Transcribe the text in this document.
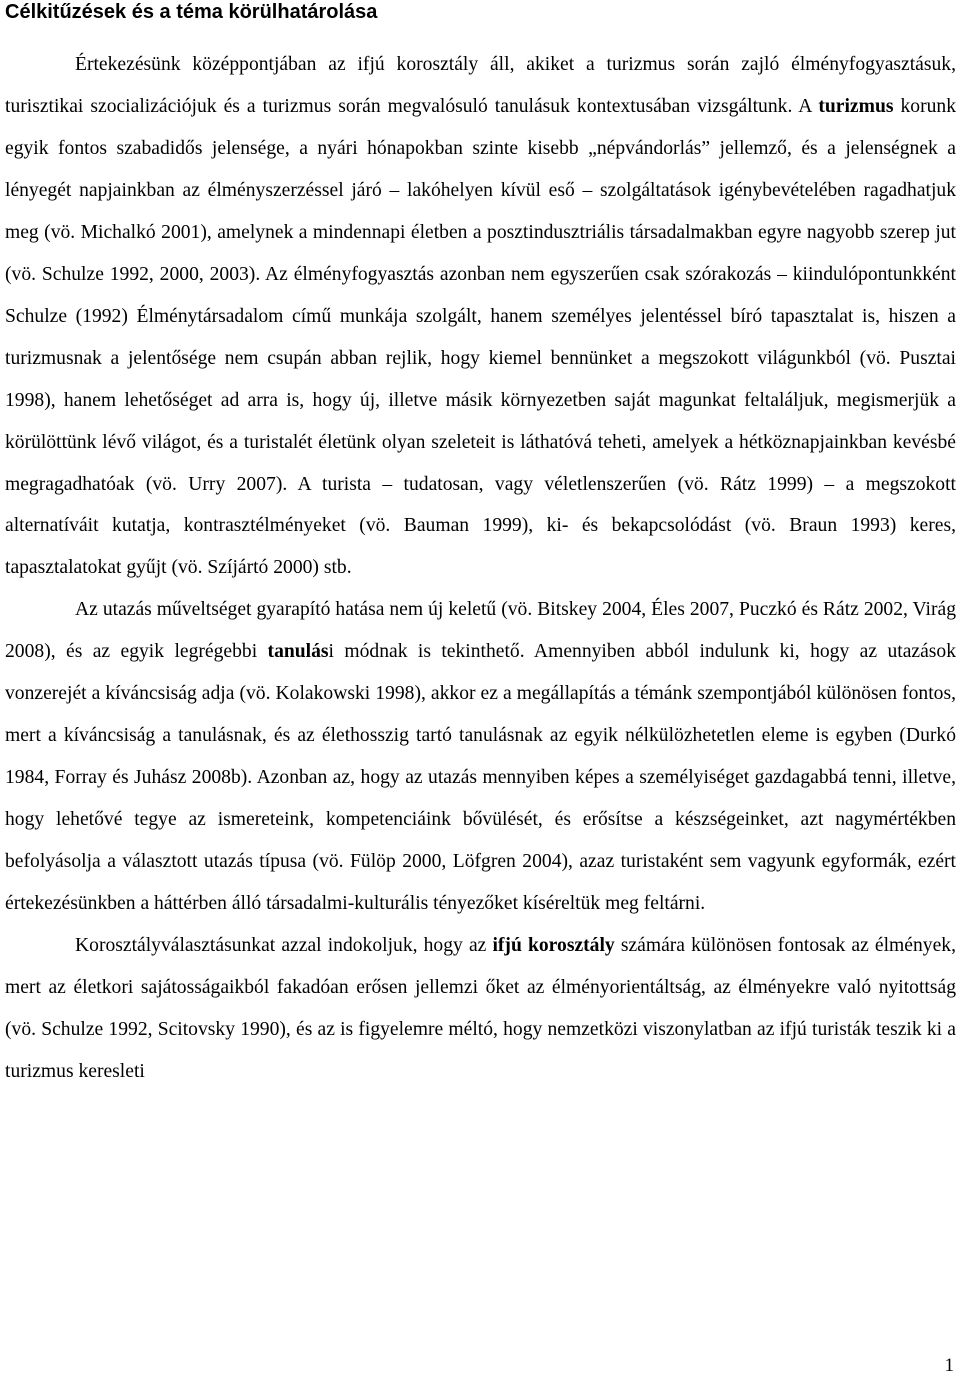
Célkitűzések és a téma körülhatárolása

Értekezésünk középpontjában az ifjú korosztály áll, akiket a turizmus során zajló élményfogyasztásuk, turisztikai szocializációjuk és a turizmus során megvalósuló tanulásuk kontextusában vizsgáltunk. A turizmus korunk egyik fontos szabadidős jelensége, a nyári hónapokban szinte kisebb „népvándorlás” jellemző, és a jelenségnek a lényegét napjainkban az élményszerzéssel járó – lakóhelyen kívül eső – szolgáltatások igénybevételében ragadhatjuk meg (vö. Michalkó 2001), amelynek a mindennapi életben a posztindusztriális társadalmakban egyre nagyobb szerep jut (vö. Schulze 1992, 2000, 2003). Az élményfogyasztás azonban nem egyszerűen csak szórakozás – kiindulópontunkként Schulze (1992) Élménytársadalom című munkája szolgált, hanem személyes jelentéssel bíró tapasztalat is, hiszen a turizmusnak a jelentősége nem csupán abban rejlik, hogy kiemel bennünket a megszokott világunkból (vö. Pusztai 1998), hanem lehetőséget ad arra is, hogy új, illetve másik környezetben saját magunkat feltaláljuk, megismerjük a körülöttünk lévő világot, és a turistalét életünk olyan szeleteit is láthatóvá teheti, amelyek a hétköznapjainkban kevésbé megragadhatóak (vö. Urry 2007). A turista – tudatosan, vagy véletlenszerűen (vö. Rátz 1999) – a megszokott alternatíváit kutatja, kontrasztélményeket (vö. Bauman 1999), ki- és bekapcsolódást (vö. Braun 1993) keres, tapasztalatokat gyűjt (vö. Szíjártó 2000) stb.

Az utazás műveltséget gyarapító hatása nem új keletű (vö. Bitskey 2004, Éles 2007, Puczkó és Rátz 2002, Virág 2008), és az egyik legrégebbi tanulási módnak is tekinthető. Amennyiben abból indulunk ki, hogy az utazások vonzerejét a kíváncsiság adja (vö. Kolakowski 1998), akkor ez a megállapítás a témánk szempontjából különösen fontos, mert a kíváncsiság a tanulásnak, és az élethosszig tartó tanulásnak az egyik nélkülözhetetlen eleme is egyben (Durkó 1984, Forray és Juhász 2008b). Azonban az, hogy az utazás mennyiben képes a személyiséget gazdagabbá tenni, illetve, hogy lehetővé tegye az ismereteink, kompetenciáink bővülését, és erősítse a készségeinket, azt nagymértékben befolyásolja a választott utazás típusa (vö. Fülöp 2000, Löfgren 2004), azaz turistaként sem vagyunk egyformák, ezért értekezésünkben a háttérben álló társadalmi-kulturális tényezőket kíséreltük meg feltárni.

Korosztályválasztásunkat azzal indokoljuk, hogy az ifjú korosztály számára különösen fontosak az élmények, mert az életkori sajátosságaikból fakadóan erősen jellemzi őket az élményorientáltság, az élményekre való nyitottság (vö. Schulze 1992, Scitovsky 1990), és az is figyelemre méltó, hogy nemzetközi viszonylatban az ifjú turisták teszik ki a turizmus keresleti

1
